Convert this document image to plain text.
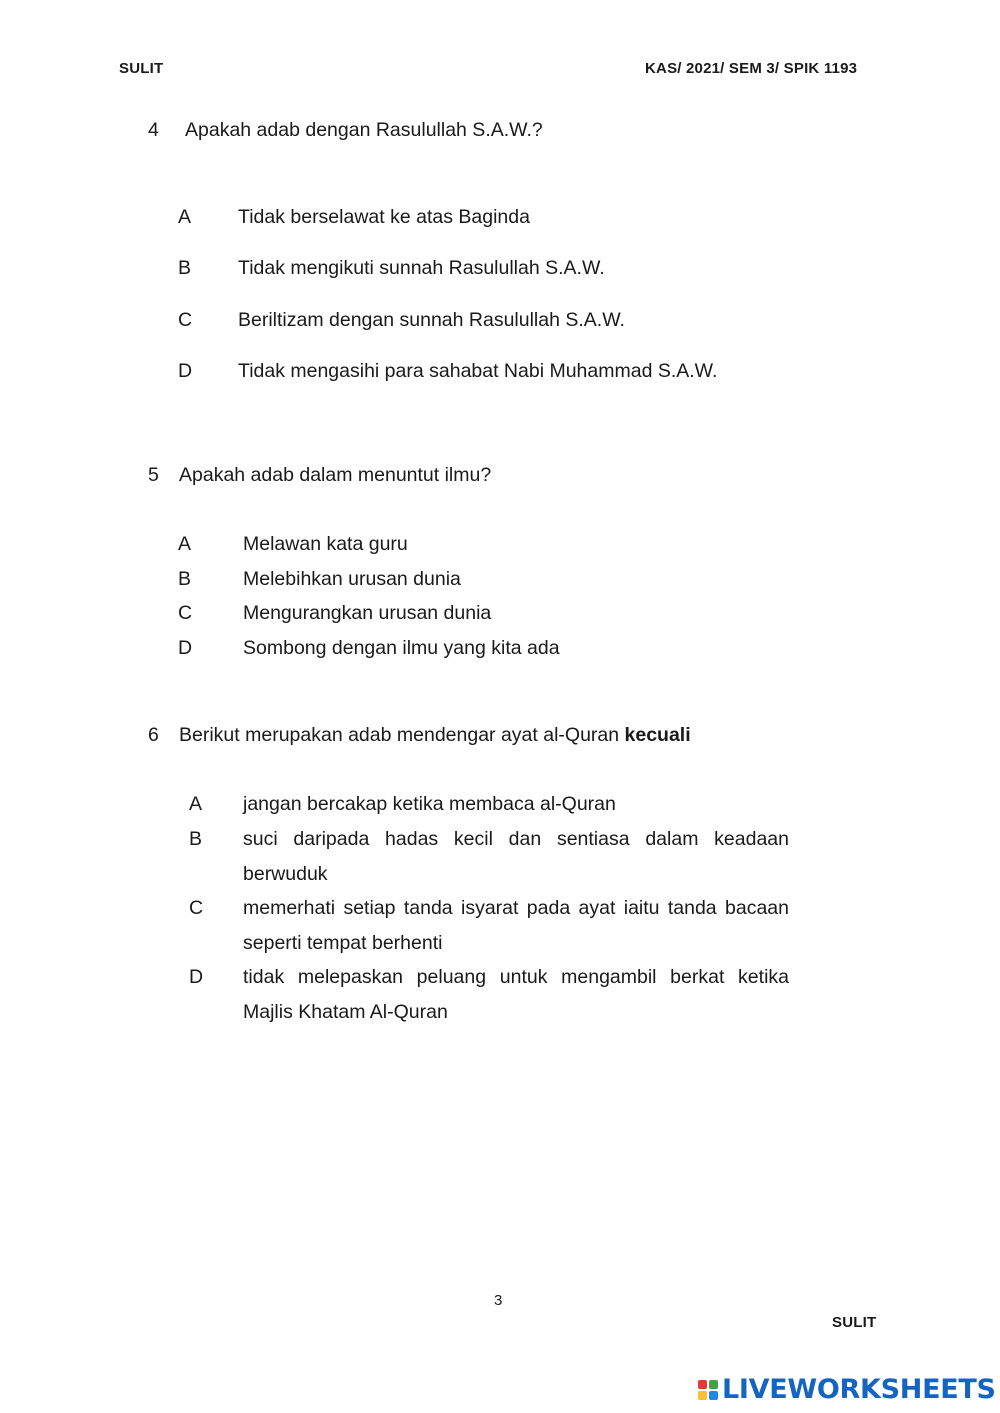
SULIT	KAS/ 2021/ SEM 3/ SPIK 1193
4 Apakah adab dengan Rasulullah S.A.W.?
A Tidak berselawat ke atas Baginda
B Tidak mengikuti sunnah Rasulullah S.A.W.
C Beriltizam dengan sunnah Rasulullah S.A.W.
D Tidak mengasihi para sahabat Nabi Muhammad S.A.W.
5 Apakah adab dalam menuntut ilmu?
A	Melawan kata guru
B	Melebihkan urusan dunia
C	Mengurangkan urusan dunia
D	Sombong dengan ilmu yang kita ada
6 Berikut merupakan adab mendengar ayat al-Quran kecuali
A jangan bercakap ketika membaca al-Quran
B suci daripada hadas kecil dan sentiasa dalam keadaan berwuduk
C memerhati setiap tanda isyarat pada ayat iaitu tanda bacaan seperti tempat berhenti
D tidak melepaskan peluang untuk mengambil berkat ketika Majlis Khatam Al-Quran
3
SULIT
LIVEWORKSHEETS
